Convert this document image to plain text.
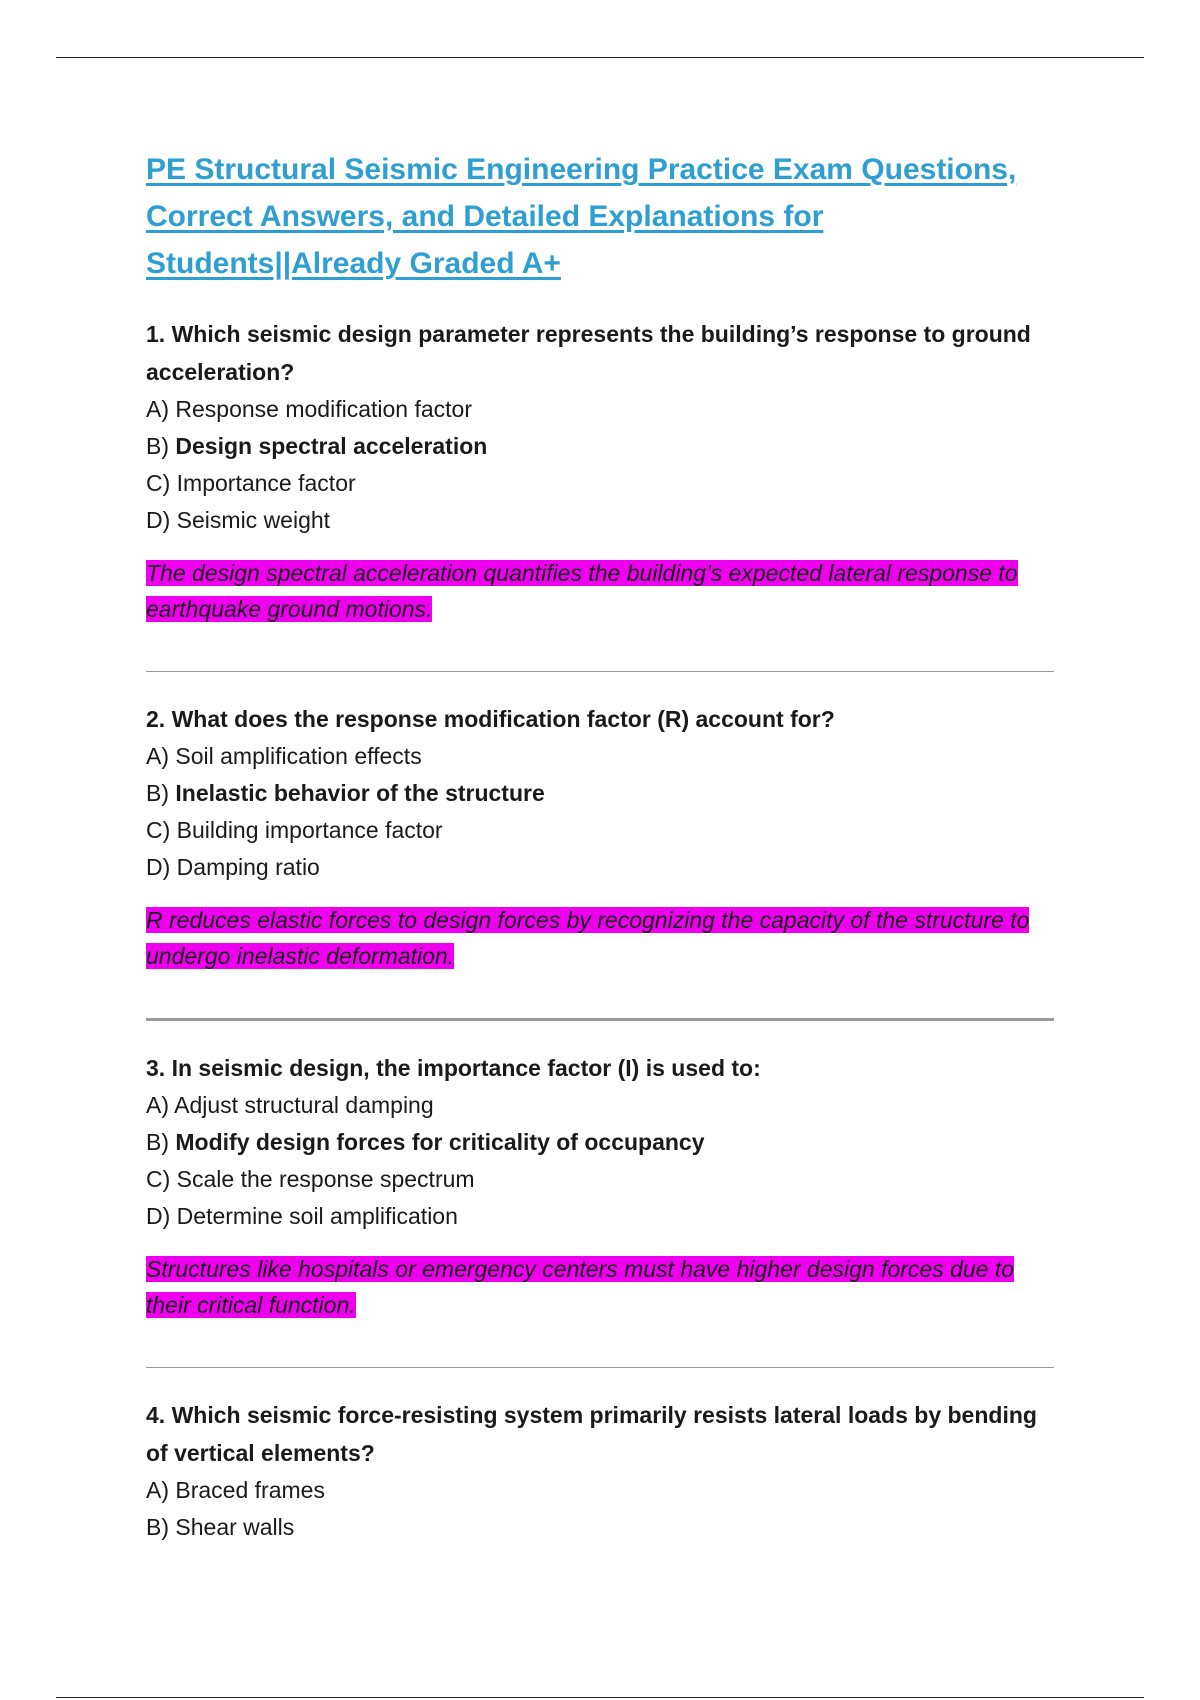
PE Structural Seismic Engineering Practice Exam Questions, Correct Answers, and Detailed Explanations for Students||Already Graded A+

1. Which seismic design parameter represents the building’s response to ground acceleration?

A) Response modification factor

B) Design spectral acceleration

C) Importance factor

D) Seismic weight

The design spectral acceleration quantifies the building’s expected lateral response to earthquake ground motions.

2. What does the response modification factor (R) account for?

A) Soil amplification effects

B) Inelastic behavior of the structure

C) Building importance factor

D) Damping ratio

R reduces elastic forces to design forces by recognizing the capacity of the structure to undergo inelastic deformation.

3. In seismic design, the importance factor (I) is used to:

A) Adjust structural damping

B) Modify design forces for criticality of occupancy

C) Scale the response spectrum

D) Determine soil amplification

Structures like hospitals or emergency centers must have higher design forces due to their critical function.

4. Which seismic force-resisting system primarily resists lateral loads by bending of vertical elements?

A) Braced frames

B) Shear walls
